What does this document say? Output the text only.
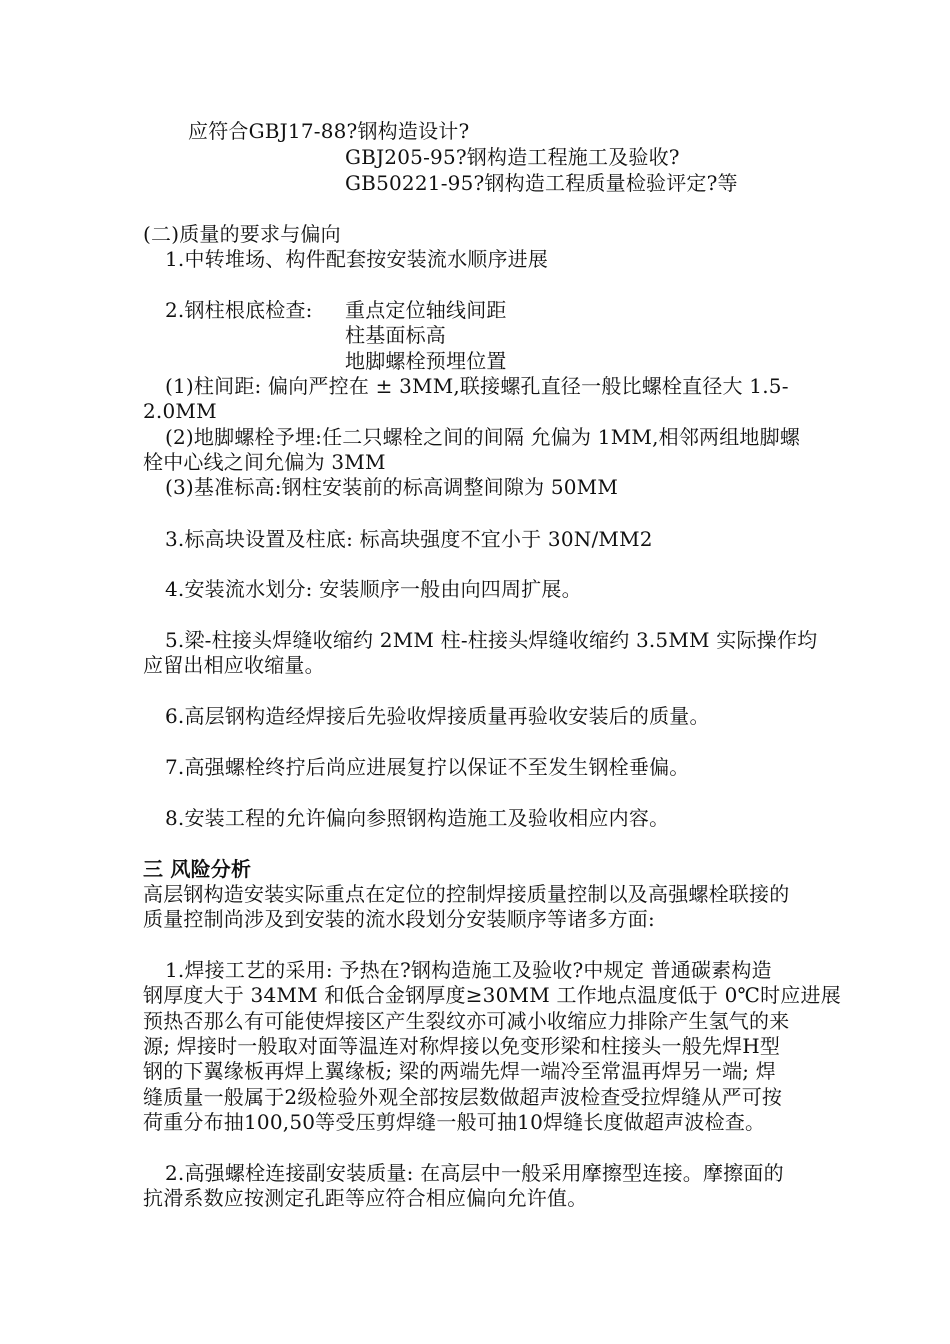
应符合GBJ17-88?钢构造设计?
GBJ205-95?钢构造工程施工及验收?
GB50221-95?钢构造工程质量检验评定?等
(二)质量的要求与偏向
1.中转堆场、构件配套按安装流水顺序进展
2.钢柱根底检查: 重点定位轴线间距
柱基面标高
地脚螺栓预埋位置
(1)柱间距: 偏向严控在 ± 3MM,联接螺孔直径一般比螺栓直径大 1.5-
2.0MM
(2)地脚螺栓予埋:任二只螺栓之间的间隔 允偏为 1MM,相邻两组地脚螺
栓中心线之间允偏为 3MM
(3)基准标高:钢柱安装前的标高调整间隙为 50MM
3.标高块设置及柱底: 标高块强度不宜小于 30N/MM2
4.安装流水划分: 安装顺序一般由向四周扩展。
5.梁-柱接头焊缝收缩约 2MM 柱-柱接头焊缝收缩约 3.5MM 实际操作均
应留出相应收缩量。
6.高层钢构造经焊接后先验收焊接质量再验收安装后的质量。
7.高强螺栓终拧后尚应进展复拧以保证不至发生钢栓垂偏。
8.安装工程的允许偏向参照钢构造施工及验收相应内容。
三 风险分析
高层钢构造安装实际重点在定位的控制焊接质量控制以及高强螺栓联接的
质量控制尚涉及到安装的流水段划分安装顺序等诸多方面:
1.焊接工艺的采用: 予热在?钢构造施工及验收?中规定 普通碳素构造
钢厚度大于 34MM 和低合金钢厚度≥30MM 工作地点温度低于 0℃时应进展
预热否那么有可能使焊接区产生裂纹亦可减小收缩应力排除产生氢气的来
源; 焊接时一般取对面等温连对称焊接以免变形梁和柱接头一般先焊H型
钢的下翼缘板再焊上翼缘板; 梁的两端先焊一端冷至常温再焊另一端; 焊
缝质量一般属于2级检验外观全部按层数做超声波检查受拉焊缝从严可按
荷重分布抽100,50等受压剪焊缝一般可抽10焊缝长度做超声波检查。
2.高强螺栓连接副安装质量: 在高层中一般采用摩擦型连接。摩擦面的
抗滑系数应按测定孔距等应符合相应偏向允许值。
